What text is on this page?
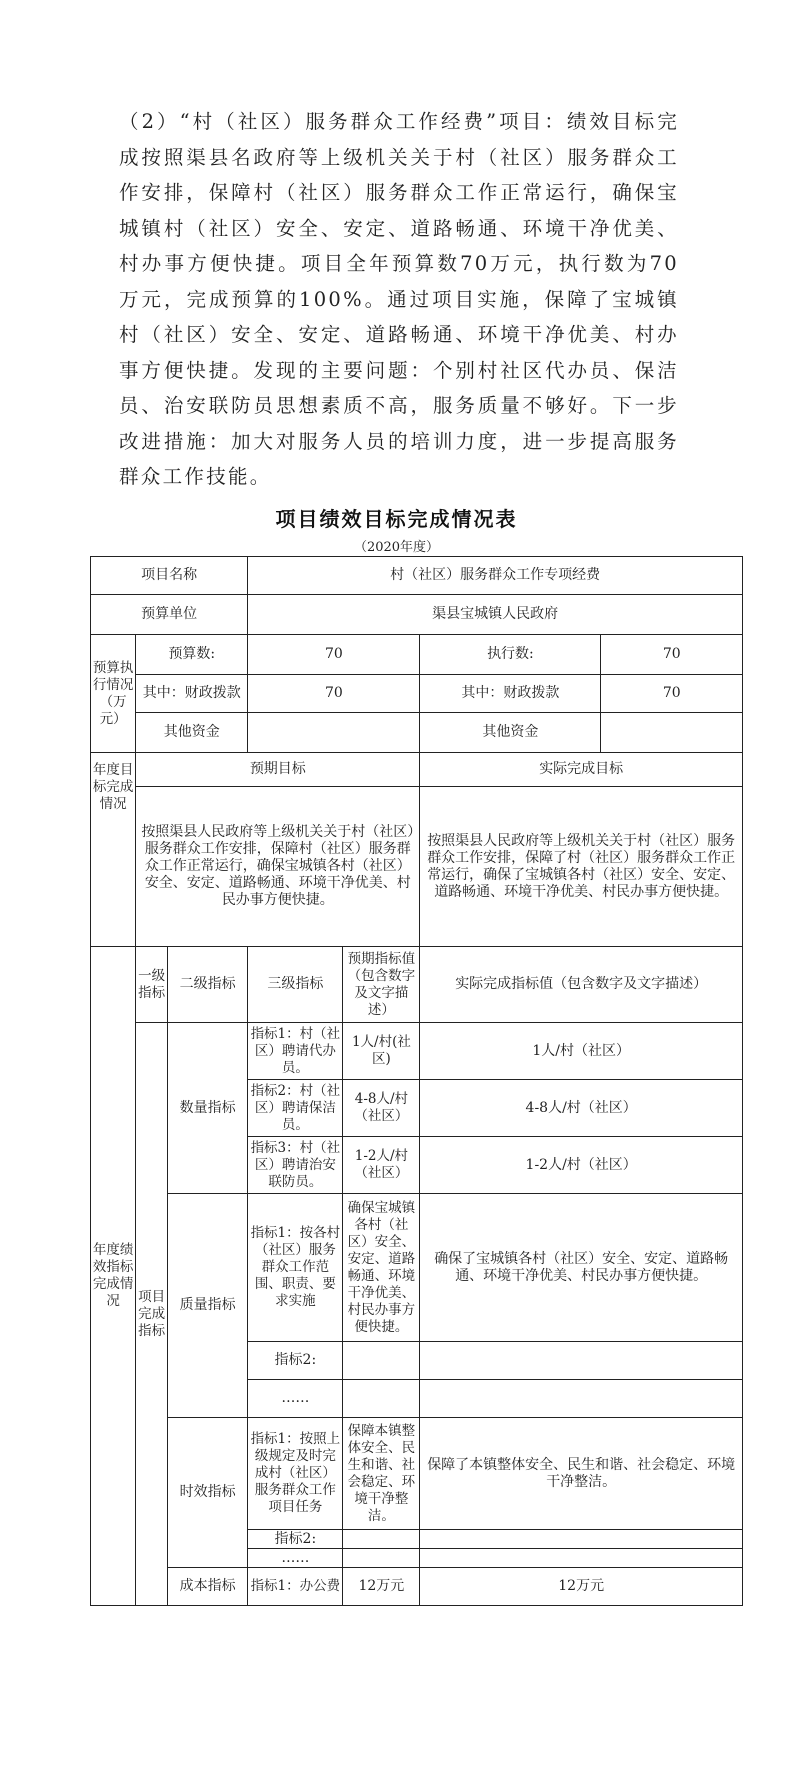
（2）“村（社区）服务群众工作经费”项目：绩效目标完成按照渠县名政府等上级机关关于村（社区）服务群众工作安排，保障村（社区）服务群众工作正常运行，确保宝城镇村（社区）安全、安定、道路畅通、环境干净优美、村办事方便快捷。项目全年预算数70万元，执行数为70万元，完成预算的100%。通过项目实施，保障了宝城镇村（社区）安全、安定、道路畅通、环境干净优美、村办事方便快捷。发现的主要问题：个别村社区代办员、保洁员、治安联防员思想素质不高，服务质量不够好。下一步改进措施：加大对服务人员的培训力度，进一步提高服务群众工作技能。

项目绩效目标完成情况表
（2020年度）
项目名称			村（社区）服务群众工作专项经费			
预算单位			渠县宝城镇人民政府			
预算执行情况（万元）	预算数:		70		执行数:	70
	其中：财政拨款		70		其中：财政拨款	70
	其他资金				其他资金	
年度目标完成情况	预期目标				实际完成目标	
	按照渠县人民政府等上级机关关于村（社区）服务群众工作安排，保障村（社区）服务群众工作正常运行，确保宝城镇各村（社区）安全、安定、道路畅通、环境干净优美、村民办事方便快捷。				按照渠县人民政府等上级机关关于村（社区）服务群众工作安排，保障了村（社区）服务群众工作正常运行，确保了宝城镇各村（社区）安全、安定、道路畅通、环境干净优美、村民办事方便快捷。	
年度绩效指标完成情况	一级指标	二级指标	三级指标	预期指标值（包含数字及文字描述）	实际完成指标值（包含数字及文字描述）	
	项目完成指标	数量指标	指标1：村（社区）聘请代办员。	1人/村(社区)	1人/村（社区）	
			指标2：村（社区）聘请保洁员。	4-8人/村（社区）	4-8人/村（社区）	
			指标3：村（社区）聘请治安联防员。	1-2人/村（社区）	1-2人/村（社区）	
		质量指标	指标1：按各村（社区）服务群众工作范围、职责、要求实施	确保宝城镇各村（社区）安全、安定、道路畅通、环境干净优美、村民办事方便快捷。	确保了宝城镇各村（社区）安全、安定、道路畅通、环境干净优美、村民办事方便快捷。	
			指标2:			
			……			
		时效指标	指标1：按照上级规定及时完成村（社区）服务群众工作项目任务	保障本镇整体安全、民生和谐、社会稳定、环境干净整洁。	保障了本镇整体安全、民生和谐、社会稳定、环境干净整洁。	
			指标2:			
			……			
		成本指标	指标1：办公费	12万元	12万元	
